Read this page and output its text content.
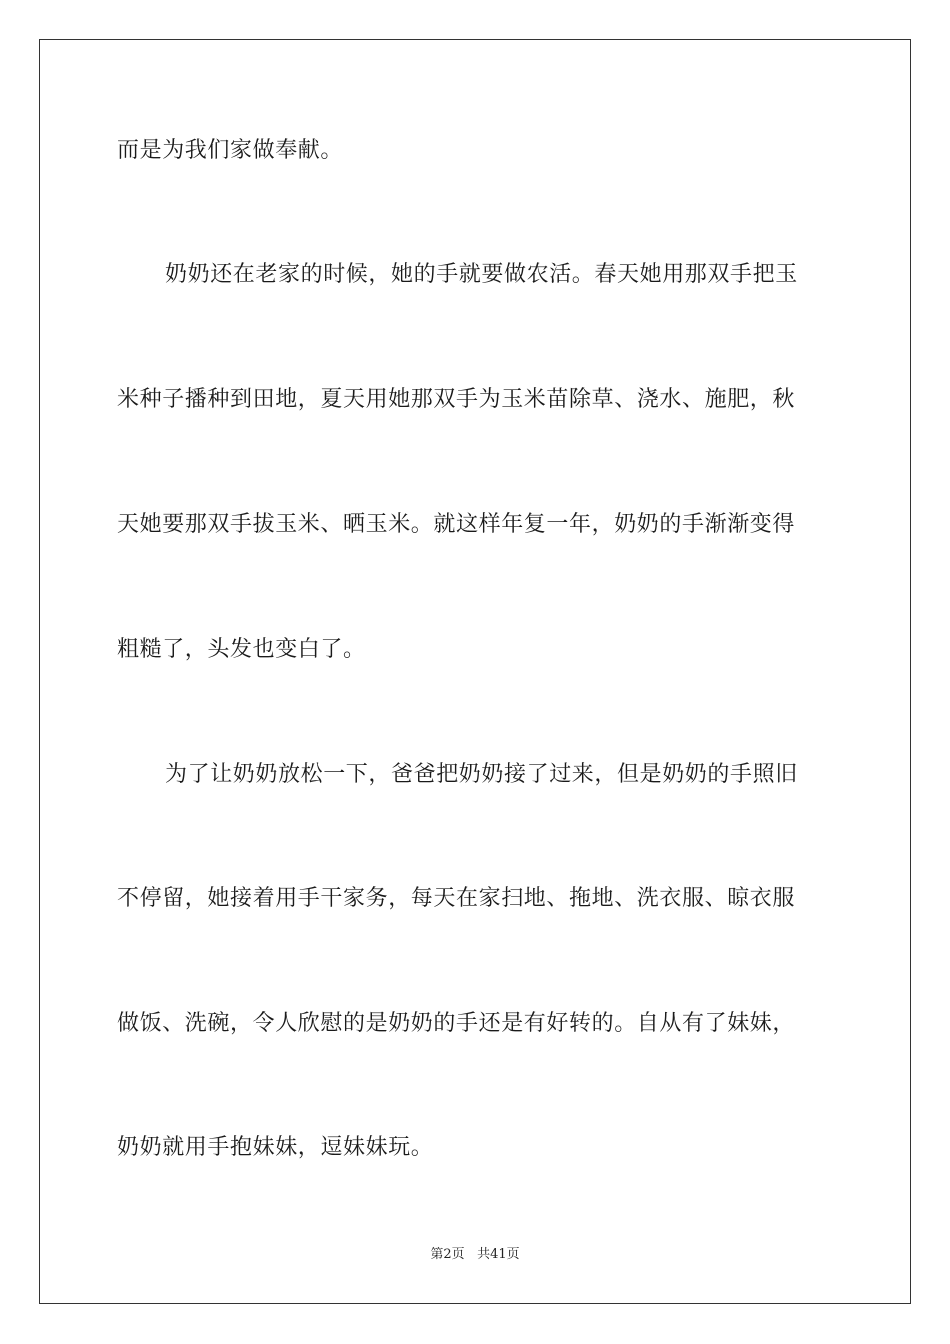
而是为我们家做奉献。
奶奶还在老家的时候，她的手就要做农活。春天她用那双手把玉
米种子播种到田地，夏天用她那双手为玉米苗除草、浇水、施肥，秋
天她要那双手拔玉米、晒玉米。就这样年复一年，奶奶的手渐渐变得
粗糙了，头发也变白了。
为了让奶奶放松一下，爸爸把奶奶接了过来，但是奶奶的手照旧
不停留，她接着用手干家务，每天在家扫地、拖地、洗衣服、晾衣服
做饭、洗碗，令人欣慰的是奶奶的手还是有好转的。自从有了妹妹，
奶奶就用手抱妹妹，逗妹妹玩。
第2页 共41页
